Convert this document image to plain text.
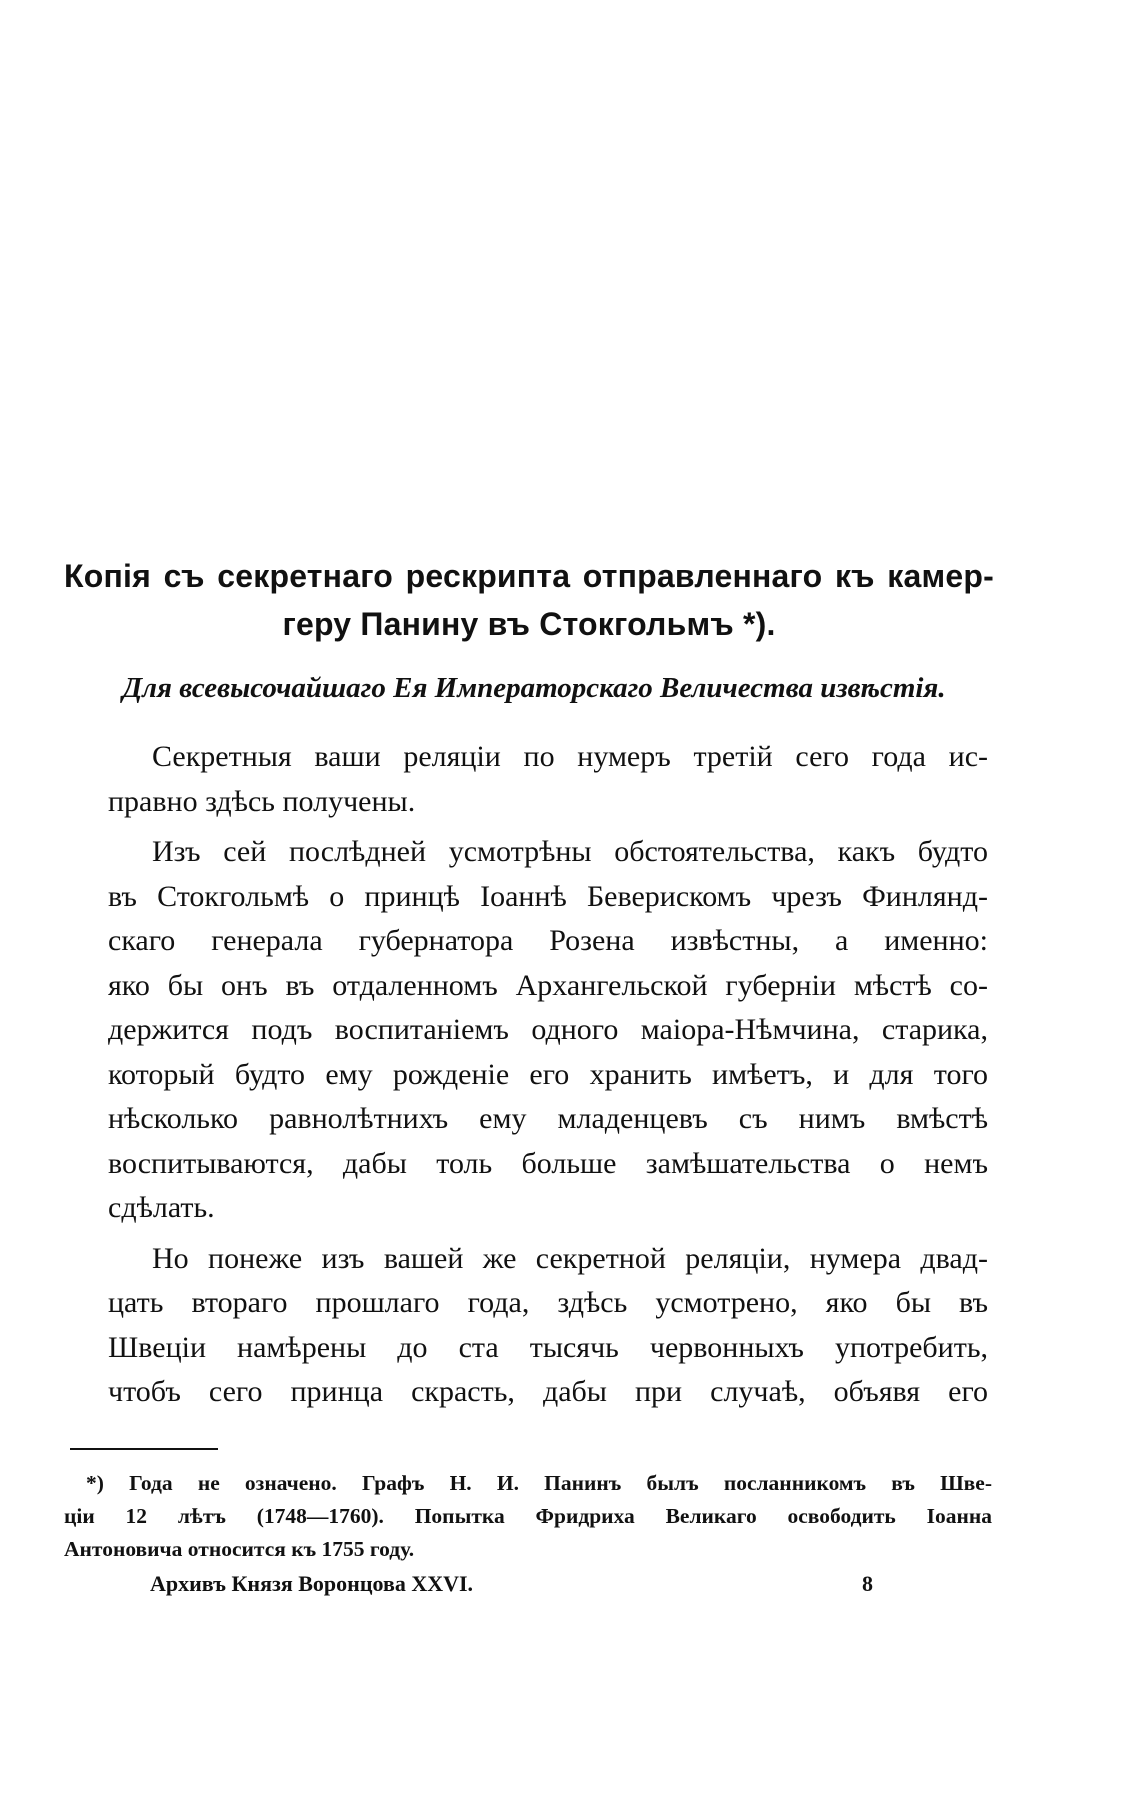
Копія съ секретнаго рескрипта отправленнаго къ камер-
геру Панину въ Стокгольмъ *).

Для всевысочайшаго Ея Императорскаго Величества извѣстія.

Секретныя ваши реляціи по нумеръ третій сего года ис-
правно здѣсь получены.

Изъ сей послѣдней усмотрѣны обстоятельства, какъ будто
въ Стокгольмѣ о принцѣ Іоаннѣ Беверискомъ чрезъ Финлянд-
скаго генерала губернатора Розена извѣстны, а именно:
яко бы онъ въ отдаленномъ Архангельской губерніи мѣстѣ со-
держится подъ воспитаніемъ одного маіора-Нѣмчина, старика,
который будто ему рожденіе его хранить имѣетъ, и для того
нѣсколько равнолѣтнихъ ему младенцевъ съ нимъ вмѣстѣ
воспитываются, дабы толь больше замѣшательства о немъ
сдѣлать.

Но понеже изъ вашей же секретной реляціи, нумера двад-
цать втораго прошлаго года, здѣсь усмотрено, яко бы въ
Швеціи намѣрены до ста тысячь червонныхъ употребить,
чтобъ сего принца скрасть, дабы при случаѣ, объявя его

*) Года не означено. Графъ Н. И. Панинъ былъ посланникомъ въ Шве-
ціи 12 лѣтъ (1748—1760). Попытка Фридриха Великаго освободить Іоанна
Антоновича относится къ 1755 году.
Архивъ Князя Воронцова XXVI.	8
